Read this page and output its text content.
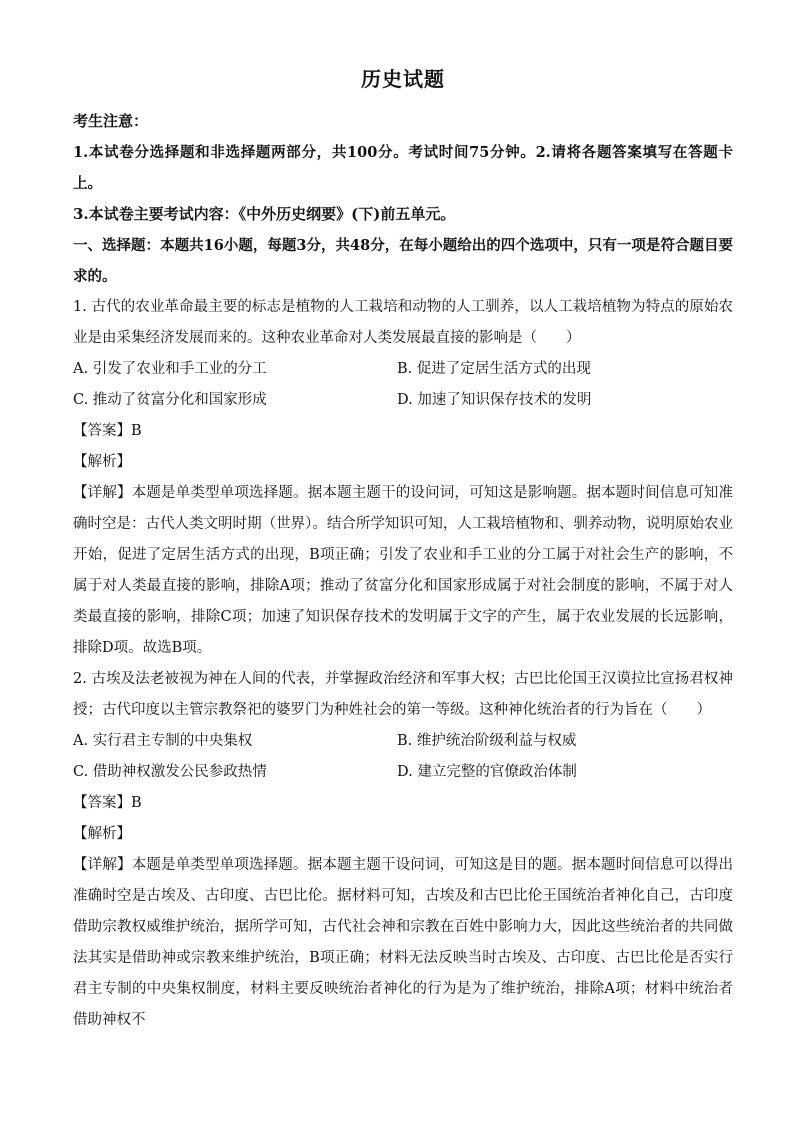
历史试题
考生注意：
1.本试卷分选择题和非选择题两部分，共100分。考试时间75分钟。2.请将各题答案填写在答题卡上。
3.本试卷主要考试内容：《中外历史纲要》(下)前五单元。
一、选择题：本题共16小题，每题3分，共48分，在每小题给出的四个选项中，只有一项是符合题目要求的。
1. 古代的农业革命最主要的标志是植物的人工栽培和动物的人工驯养，以人工栽培植物为特点的原始农业是由采集经济发展而来的。这种农业革命对人类发展最直接的影响是（　　）
A. 引发了农业和手工业的分工	B. 促进了定居生活方式的出现
C. 推动了贫富分化和国家形成	D. 加速了知识保存技术的发明
【答案】B
【解析】
【详解】本题是单类型单项选择题。据本题主题干的设问词，可知这是影响题。据本题时间信息可知准确时空是：古代人类文明时期（世界）。结合所学知识可知，人工栽培植物和、驯养动物，说明原始农业开始，促进了定居生活方式的出现，B项正确；引发了农业和手工业的分工属于对社会生产的影响，不属于对人类最直接的影响，排除A项；推动了贫富分化和国家形成属于对社会制度的影响，不属于对人类最直接的影响，排除C项；加速了知识保存技术的发明属于文字的产生，属于农业发展的长远影响，排除D项。故选B项。
2. 古埃及法老被视为神在人间的代表，并掌握政治经济和军事大权；古巴比伦国王汉谟拉比宣扬君权神授；古代印度以主管宗教祭祀的婆罗门为种姓社会的第一等级。这种神化统治者的行为旨在（　　）
A. 实行君主专制的中央集权	B. 维护统治阶级利益与权威
C. 借助神权激发公民参政热情	D. 建立完整的官僚政治体制
【答案】B
【解析】
【详解】本题是单类型单项选择题。据本题主题干设问词，可知这是目的题。据本题时间信息可以得出准确时空是古埃及、古印度、古巴比伦。据材料可知，古埃及和古巴比伦王国统治者神化自己，古印度借助宗教权威维护统治，据所学可知，古代社会神和宗教在百姓中影响力大，因此这些统治者的共同做法其实是借助神或宗教来维护统治，B项正确；材料无法反映当时古埃及、古印度、古巴比伦是否实行君主专制的中央集权制度，材料主要反映统治者神化的行为是为了维护统治，排除A项；材料中统治者借助神权不
